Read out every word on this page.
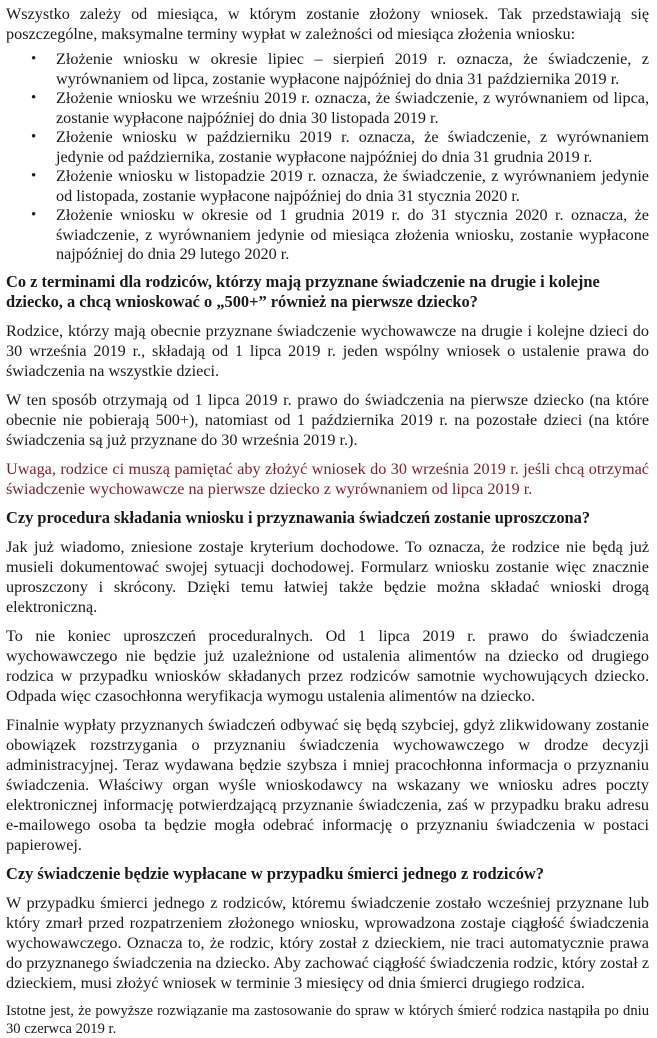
Wszystko zależy od miesiąca, w którym zostanie złożony wniosek. Tak przedstawiają się poszczególne, maksymalne terminy wypłat w zależności od miesiąca złożenia wniosku:

• Złożenie wniosku w okresie lipiec – sierpień 2019 r. oznacza, że świadczenie, z wyrównaniem od lipca, zostanie wypłacone najpóźniej do dnia 31 października 2019 r.
• Złożenie wniosku we wrześniu 2019 r. oznacza, że świadczenie, z wyrównaniem od lipca, zostanie wypłacone najpóźniej do dnia 30 listopada 2019 r.
• Złożenie wniosku w październiku 2019 r. oznacza, że świadczenie, z wyrównaniem jedynie od października, zostanie wypłacone najpóźniej do dnia 31 grudnia 2019 r.
• Złożenie wniosku w listopadzie 2019 r. oznacza, że świadczenie, z wyrównaniem jedynie od listopada, zostanie wypłacone najpóźniej do dnia 31 stycznia 2020 r.
• Złożenie wniosku w okresie od 1 grudnia 2019 r. do 31 stycznia 2020 r. oznacza, że świadczenie, z wyrównaniem jedynie od miesiąca złożenia wniosku, zostanie wypłacone najpóźniej do dnia 29 lutego 2020 r.
Co z terminami dla rodziców, którzy mają przyznane świadczenie na drugie i kolejne dziecko, a chcą wnioskować o „500+” również na pierwsze dziecko?

Rodzice, którzy mają obecnie przyznane świadczenie wychowawcze na drugie i kolejne dzieci do 30 września 2019 r., składają od 1 lipca 2019 r. jeden wspólny wniosek o ustalenie prawa do świadczenia na wszystkie dzieci.

W ten sposób otrzymają od 1 lipca 2019 r. prawo do świadczenia na pierwsze dziecko (na które obecnie nie pobierają 500+), natomiast od 1 października 2019 r. na pozostałe dzieci (na które świadczenia są już przyznane do 30 września 2019 r.).

Uwaga, rodzice ci muszą pamiętać aby złożyć wniosek do 30 września 2019 r. jeśli chcą otrzymać świadczenie wychowawcze na pierwsze dziecko z wyrównaniem od lipca 2019 r.

Czy procedura składania wniosku i przyznawania świadczeń zostanie uproszczona?

Jak już wiadomo, zniesione zostaje kryterium dochodowe. To oznacza, że rodzice nie będą już musieli dokumentować swojej sytuacji dochodowej. Formularz wniosku zostanie więc znacznie uproszczony i skrócony. Dzięki temu łatwiej także będzie można składać wnioski drogą elektroniczną.

To nie koniec uproszczeń proceduralnych. Od 1 lipca 2019 r. prawo do świadczenia wychowawczego nie będzie już uzależnione od ustalenia alimentów na dziecko od drugiego rodzica w przypadku wniosków składanych przez rodziców samotnie wychowujących dziecko. Odpada więc czasochłonna weryfikacja wymogu ustalenia alimentów na dziecko.

Finalnie wypłaty przyznanych świadczeń odbywać się będą szybciej, gdyż zlikwidowany zostanie obowiązek rozstrzygania o przyznaniu świadczenia wychowawczego w drodze decyzji administracyjnej. Teraz wydawana będzie szybsza i mniej pracochłonna informacja o przyznaniu świadczenia. Właściwy organ wyśle wnioskodawcy na wskazany we wniosku adres poczty elektronicznej informację potwierdzającą przyznanie świadczenia, zaś w przypadku braku adresu e-mailowego osoba ta będzie mogła odebrać informację o przyznaniu świadczenia w postaci papierowej.

Czy świadczenie będzie wypłacane w przypadku śmierci jednego z rodziców?

W przypadku śmierci jednego z rodziców, któremu świadczenie zostało wcześniej przyznane lub który zmarł przed rozpatrzeniem złożonego wniosku, wprowadzona zostaje ciągłość świadczenia wychowawczego. Oznacza to, że rodzic, który został z dzieckiem, nie traci automatycznie prawa do przyznanego świadczenia na dziecko. Aby zachować ciągłość świadczenia rodzic, który został z dzieckiem, musi złożyć wniosek w terminie 3 miesięcy od dnia śmierci drugiego rodzica.

Istotne jest, że powyższe rozwiązanie ma zastosowanie do spraw w których śmierć rodzica nastąpiła po dniu 30 czerwca 2019 r.
